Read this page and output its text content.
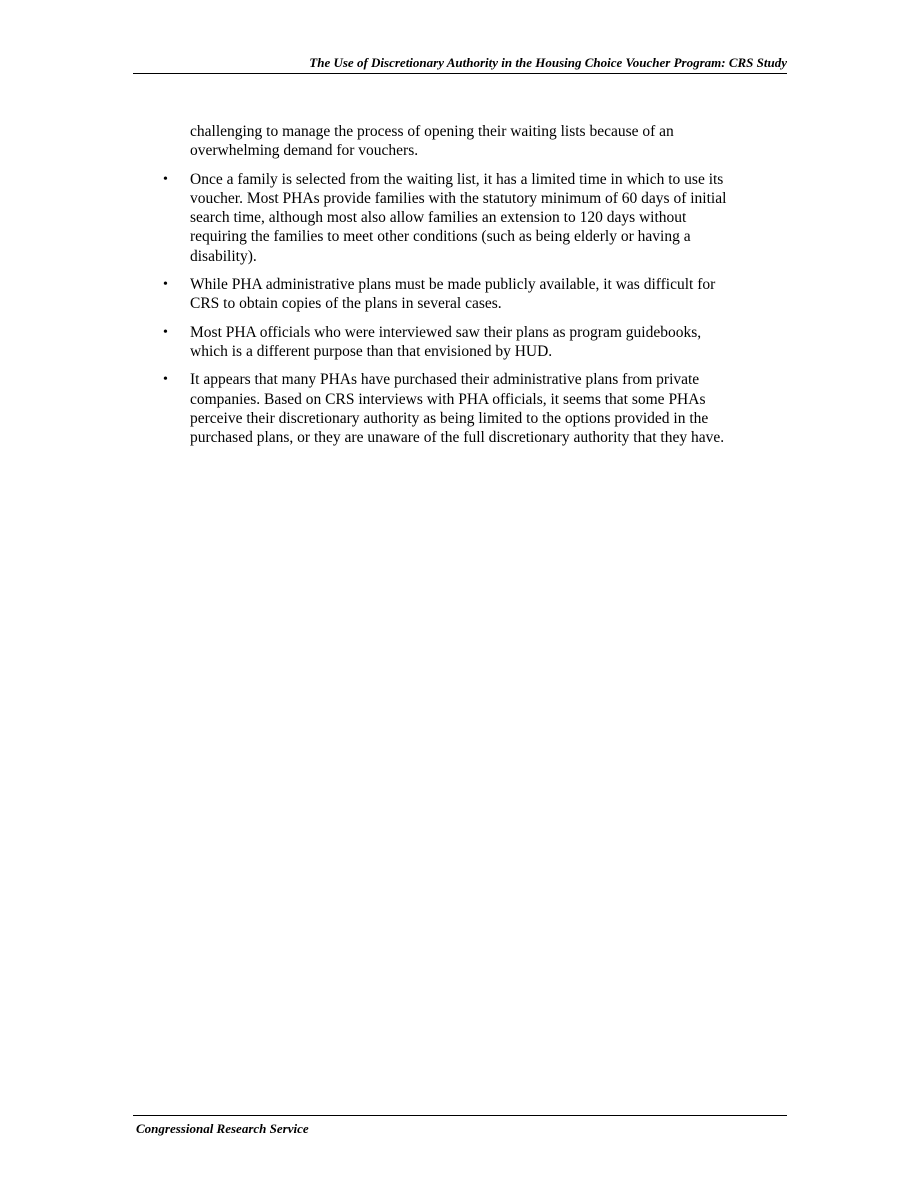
The Use of Discretionary Authority in the Housing Choice Voucher Program: CRS Study

challenging to manage the process of opening their waiting lists because of an overwhelming demand for vouchers.

• Once a family is selected from the waiting list, it has a limited time in which to use its voucher. Most PHAs provide families with the statutory minimum of 60 days of initial search time, although most also allow families an extension to 120 days without requiring the families to meet other conditions (such as being elderly or having a disability).
• While PHA administrative plans must be made publicly available, it was difficult for CRS to obtain copies of the plans in several cases.
• Most PHA officials who were interviewed saw their plans as program guidebooks, which is a different purpose than that envisioned by HUD.
• It appears that many PHAs have purchased their administrative plans from private companies. Based on CRS interviews with PHA officials, it seems that some PHAs perceive their discretionary authority as being limited to the options provided in the purchased plans, or they are unaware of the full discretionary authority that they have.
Congressional Research Service
